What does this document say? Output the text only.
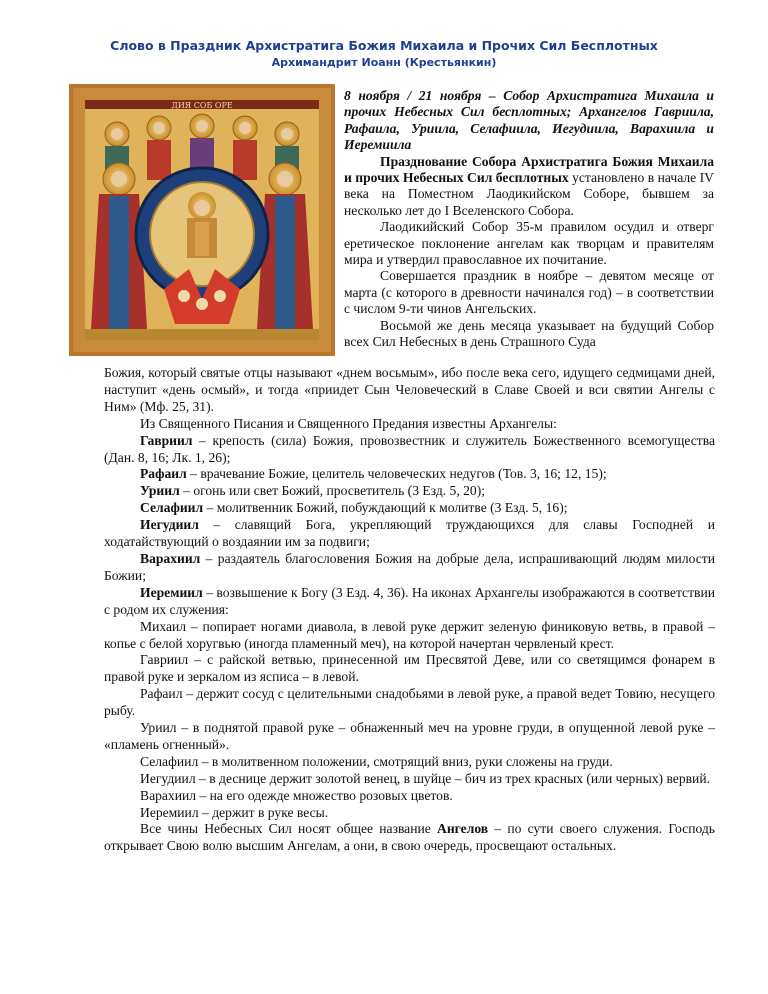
Слово в Праздник Архистратига Божия Михаила и Прочих Сил Бесплотных
Архимандрит Иоанн (Крестьянкин)
ДИЯ СОБ ОРЕ

8 ноября / 21 ноября – Собор Архистратига Михаила и прочих Небесных Сил бесплотных; Архангелов Гавриила, Рафаила, Уриила, Селафиила, Иегудиила, Варахиила и Иеремиила

Празднование Собора Архистратига Божия Михаила и прочих Небесных Сил бесплотных установлено в начале IV века на Поместном Лаодикийском Соборе, бывшем за несколько лет до I Вселенского Собора.

Лаодикийский Собор 35-м правилом осудил и отверг еретическое поклонение ангелам как творцам и правителям мира и утвердил православное их почитание.

Совершается праздник в ноябре – девятом месяце от марта (с которого в древности начинался год) – в соответствии с числом 9-ти чинов Ангельских.

Восьмой же день месяца указывает на будущий Собор всех Сил Небесных в день Страшного Суда

Божия, который святые отцы называют «днем восьмым», ибо после века сего, идущего седмицами дней, наступит «день осмый», и тогда «приидет Сын Человеческий в Славе Своей и вси святии Ангелы с Ним» (Мф. 25, 31).

Из Священного Писания и Священного Предания известны Архангелы:

Гавриил – крепость (сила) Божия, провозвестник и служитель Божественного всемогущества (Дан. 8, 16; Лк. 1, 26);

Рафаил – врачевание Божие, целитель человеческих недугов (Тов. 3, 16; 12, 15);

Уриил – огонь или свет Божий, просветитель (3 Езд. 5, 20);

Селафиил – молитвенник Божий, побуждающий к молитве (3 Езд. 5, 16);

Иегудиил – славящий Бога, укрепляющий труждающихся для славы Господней и ходатайствующий о воздаянии им за подвиги;

Варахиил – раздаятель благословения Божия на добрые дела, испрашивающий людям милости Божии;

Иеремиил – возвышение к Богу (3 Езд. 4, 36). На иконах Архангелы изображаются в соответствии с родом их служения:

Михаил – попирает ногами диавола, в левой руке держит зеленую финиковую ветвь, в правой – копье с белой хоругвью (иногда пламенный меч), на которой начертан червленый крест.

Гавриил – с райской ветвью, принесенной им Пресвятой Деве, или со светящимся фонарем в правой руке и зеркалом из ясписа – в левой.

Рафаил – держит сосуд с целительными снадобьями в левой руке, а правой ведет Товию, несущего рыбу.

Уриил – в поднятой правой руке – обнаженный меч на уровне груди, в опущенной левой руке – «пламень огненный».

Селафиил – в молитвенном положении, смотрящий вниз, руки сложены на груди.

Иегудиил – в деснице держит золотой венец, в шуйце – бич из трех красных (или черных) вервий.

Варахиил – на его одежде множество розовых цветов.

Иеремиил – держит в руке весы.

Все чины Небесных Сил носят общее название Ангелов – по сути своего служения. Господь открывает Свою волю высшим Ангелам, а они, в свою очередь, просвещают остальных.
